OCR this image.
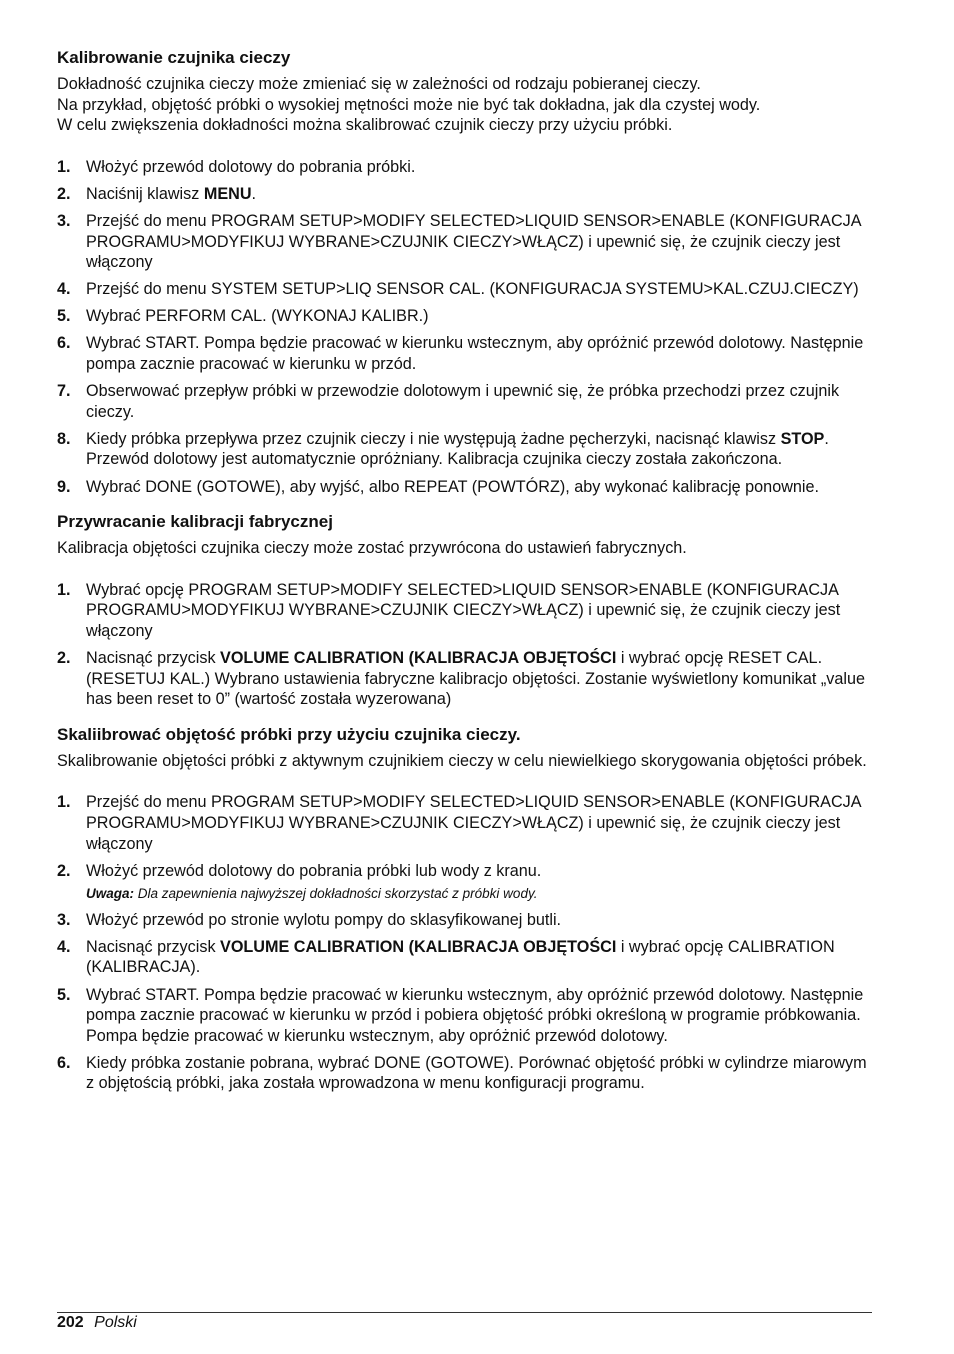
Kalibrowanie czujnika cieczy

Dokładność czujnika cieczy może zmieniać się w zależności od rodzaju pobieranej cieczy.
Na przykład, objętość próbki o wysokiej mętności może nie być tak dokładna, jak dla czystej wody.
W celu zwiększenia dokładności można skalibrować czujnik cieczy przy użyciu próbki.

1. Włożyć przewód dolotowy do pobrania próbki.
2. Naciśnij klawisz MENU.
3. Przejść do menu PROGRAM SETUP>MODIFY SELECTED>LIQUID SENSOR>ENABLE (KONFIGURACJA PROGRAMU>MODYFIKUJ WYBRANE>CZUJNIK CIECZY>WŁĄCZ) i upewnić się, że czujnik cieczy jest włączony
4. Przejść do menu SYSTEM SETUP>LIQ SENSOR CAL. (KONFIGURACJA SYSTEMU>KAL.CZUJ.CIECZY)
5. Wybrać PERFORM CAL. (WYKONAJ KALIBR.)
6. Wybrać START. Pompa będzie pracować w kierunku wstecznym, aby opróżnić przewód dolotowy. Następnie pompa zacznie pracować w kierunku w przód.
7. Obserwować przepływ próbki w przewodzie dolotowym i upewnić się, że próbka przechodzi przez czujnik cieczy.
8. Kiedy próbka przepływa przez czujnik cieczy i nie występują żadne pęcherzyki, nacisnąć klawisz STOP. Przewód dolotowy jest automatycznie opróżniany. Kalibracja czujnika cieczy została zakończona.
9. Wybrać DONE (GOTOWE), aby wyjść, albo REPEAT (POWTÓRZ), aby wykonać kalibrację ponownie.
Przywracanie kalibracji fabrycznej

Kalibracja objętości czujnika cieczy może zostać przywrócona do ustawień fabrycznych.

1. Wybrać opcję PROGRAM SETUP>MODIFY SELECTED>LIQUID SENSOR>ENABLE (KONFIGURACJA PROGRAMU>MODYFIKUJ WYBRANE>CZUJNIK CIECZY>WŁĄCZ) i upewnić się, że czujnik cieczy jest włączony
2. Nacisnąć przycisk VOLUME CALIBRATION (KALIBRACJA OBJĘTOŚCI i wybrać opcję RESET CAL. (RESETUJ KAL.) Wybrano ustawienia fabryczne kalibracjo objętości. Zostanie wyświetlony komunikat „value has been reset to 0” (wartość została wyzerowana)
Skaliibrować objętość próbki przy użyciu czujnika cieczy.

Skalibrowanie objętości próbki z aktywnym czujnikiem cieczy w celu niewielkiego skorygowania objętości próbek.

1. Przejść do menu PROGRAM SETUP>MODIFY SELECTED>LIQUID SENSOR>ENABLE (KONFIGURACJA PROGRAMU>MODYFIKUJ WYBRANE>CZUJNIK CIECZY>WŁĄCZ) i upewnić się, że czujnik cieczy jest włączony
2. Włożyć przewód dolotowy do pobrania próbki lub wody z kranu.
Uwaga: Dla zapewnienia najwyższej dokładności skorzystać z próbki wody.
3. Włożyć przewód po stronie wylotu pompy do sklasyfikowanej butli.
4. Nacisnąć przycisk VOLUME CALIBRATION (KALIBRACJA OBJĘTOŚCI i wybrać opcję CALIBRATION (KALIBRACJA).
5. Wybrać START. Pompa będzie pracować w kierunku wstecznym, aby opróżnić przewód dolotowy. Następnie pompa zacznie pracować w kierunku w przód i pobiera objętość próbki określoną w programie próbkowania. Pompa będzie pracować w kierunku wstecznym, aby opróżnić przewód dolotowy.
6. Kiedy próbka zostanie pobrana, wybrać DONE (GOTOWE). Porównać objętość próbki w cylindrze miarowym z objętością próbki, jaka została wprowadzona w menu konfiguracji programu.
202 Polski
